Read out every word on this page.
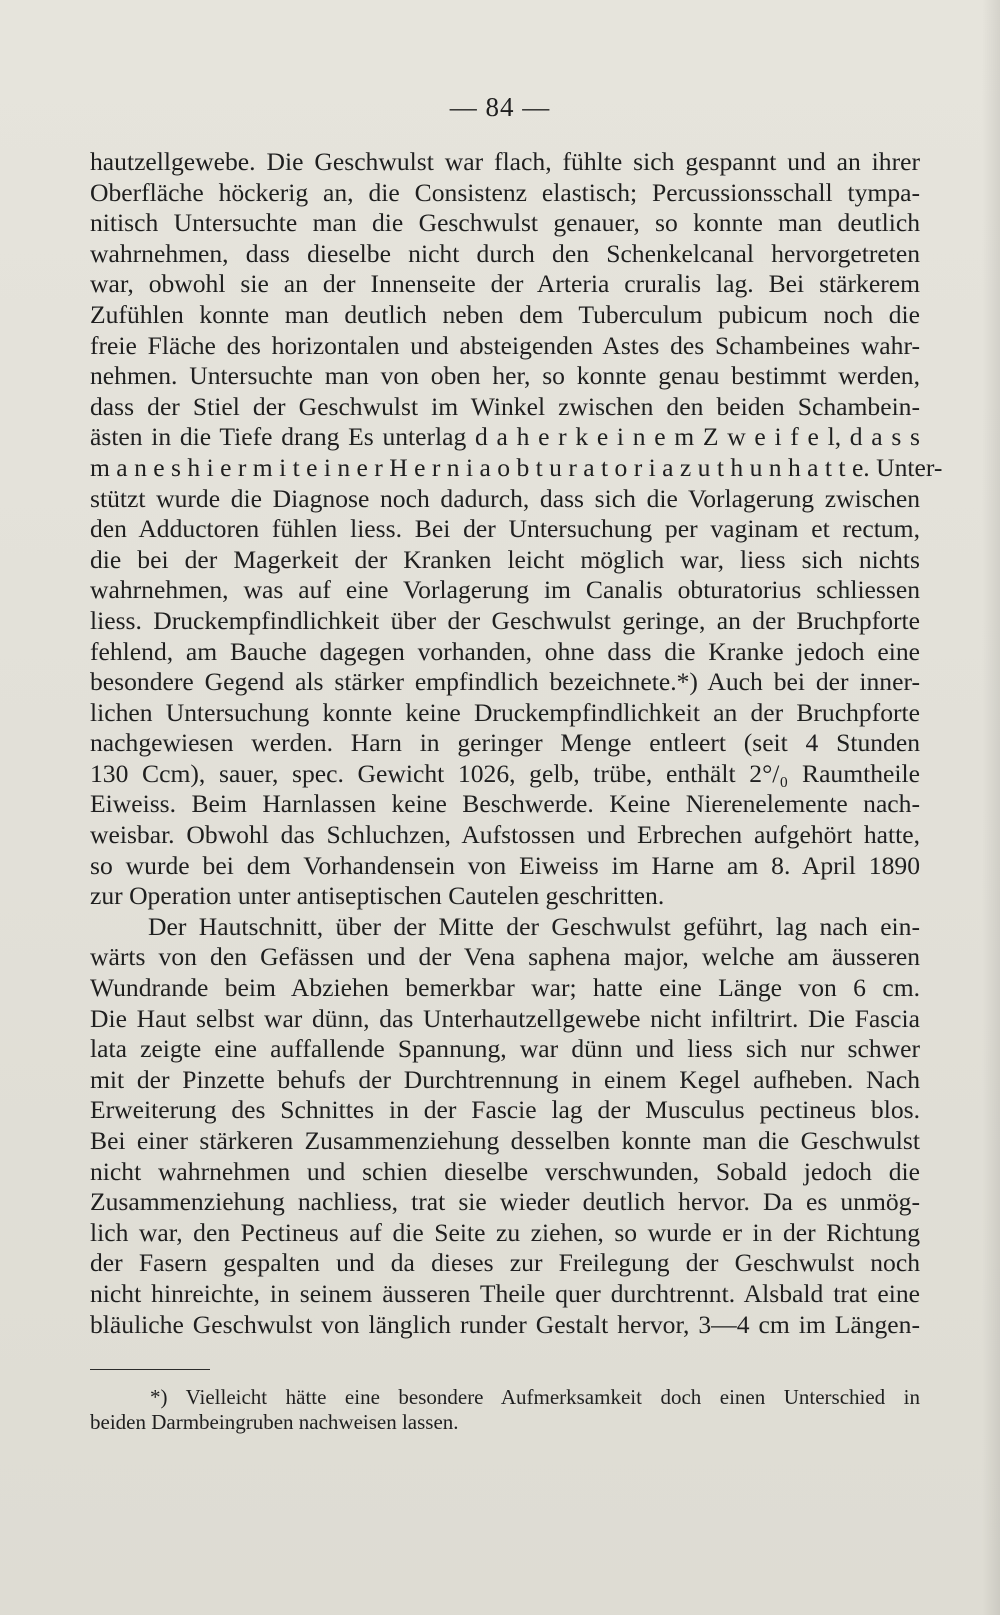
— 84 —
hautzellgewebe. Die Geschwulst war flach, fühlte sich gespannt und an ihrer
Oberfläche höckerig an, die Consistenz elastisch; Percussionsschall tympa-
nitisch Untersuchte man die Geschwulst genauer, so konnte man deutlich
wahrnehmen, dass dieselbe nicht durch den Schenkelcanal hervorgetreten
war, obwohl sie an der Innenseite der Arteria cruralis lag. Bei stärkerem
Zufühlen konnte man deutlich neben dem Tuberculum pubicum noch die
freie Fläche des horizontalen und absteigenden Astes des Schambeines wahr-
nehmen. Untersuchte man von oben her, so konnte genau bestimmt werden,
dass der Stiel der Geschwulst im Winkel zwischen den beiden Schambein-
ästen in die Tiefe drang Es unterlag d a h e r k e i n e m Z w e i f e l, d a s s
m a n e s h i e r m i t e i n e r H e r n i a o b t u r a t o r i a z u t h u n h a t t e. Unter-
stützt wurde die Diagnose noch dadurch, dass sich die Vorlagerung zwischen
den Adductoren fühlen liess. Bei der Untersuchung per vaginam et rectum,
die bei der Magerkeit der Kranken leicht möglich war, liess sich nichts
wahrnehmen, was auf eine Vorlagerung im Canalis obturatorius schliessen
liess. Druckempfindlichkeit über der Geschwulst geringe, an der Bruchpforte
fehlend, am Bauche dagegen vorhanden, ohne dass die Kranke jedoch eine
besondere Gegend als stärker empfindlich bezeichnete.*) Auch bei der inner-
lichen Untersuchung konnte keine Druckempfindlichkeit an der Bruchpforte
nachgewiesen werden. Harn in geringer Menge entleert (seit 4 Stunden
130 Ccm), sauer, spec. Gewicht 1026, gelb, trübe, enthält 2°/₀ Raumtheile
Eiweiss. Beim Harnlassen keine Beschwerde. Keine Nierenelemente nach-
weisbar. Obwohl das Schluchzen, Aufstossen und Erbrechen aufgehört hatte,
so wurde bei dem Vorhandensein von Eiweiss im Harne am 8. April 1890
zur Operation unter antiseptischen Cautelen geschritten.
Der Hautschnitt, über der Mitte der Geschwulst geführt, lag nach ein-
wärts von den Gefässen und der Vena saphena major, welche am äusseren
Wundrande beim Abziehen bemerkbar war; hatte eine Länge von 6 cm.
Die Haut selbst war dünn, das Unterhautzellgewebe nicht infiltrirt. Die Fascia
lata zeigte eine auffallende Spannung, war dünn und liess sich nur schwer
mit der Pinzette behufs der Durchtrennung in einem Kegel aufheben. Nach
Erweiterung des Schnittes in der Fascie lag der Musculus pectineus blos.
Bei einer stärkeren Zusammenziehung desselben konnte man die Geschwulst
nicht wahrnehmen und schien dieselbe verschwunden, Sobald jedoch die
Zusammenziehung nachliess, trat sie wieder deutlich hervor. Da es unmög-
lich war, den Pectineus auf die Seite zu ziehen, so wurde er in der Richtung
der Fasern gespalten und da dieses zur Freilegung der Geschwulst noch
nicht hinreichte, in seinem äusseren Theile quer durchtrennt. Alsbald trat eine
bläuliche Geschwulst von länglich runder Gestalt hervor, 3—4 cm im Längen-
*) Vielleicht hätte eine besondere Aufmerksamkeit doch einen Unterschied in
beiden Darmbeingruben nachweisen lassen.
